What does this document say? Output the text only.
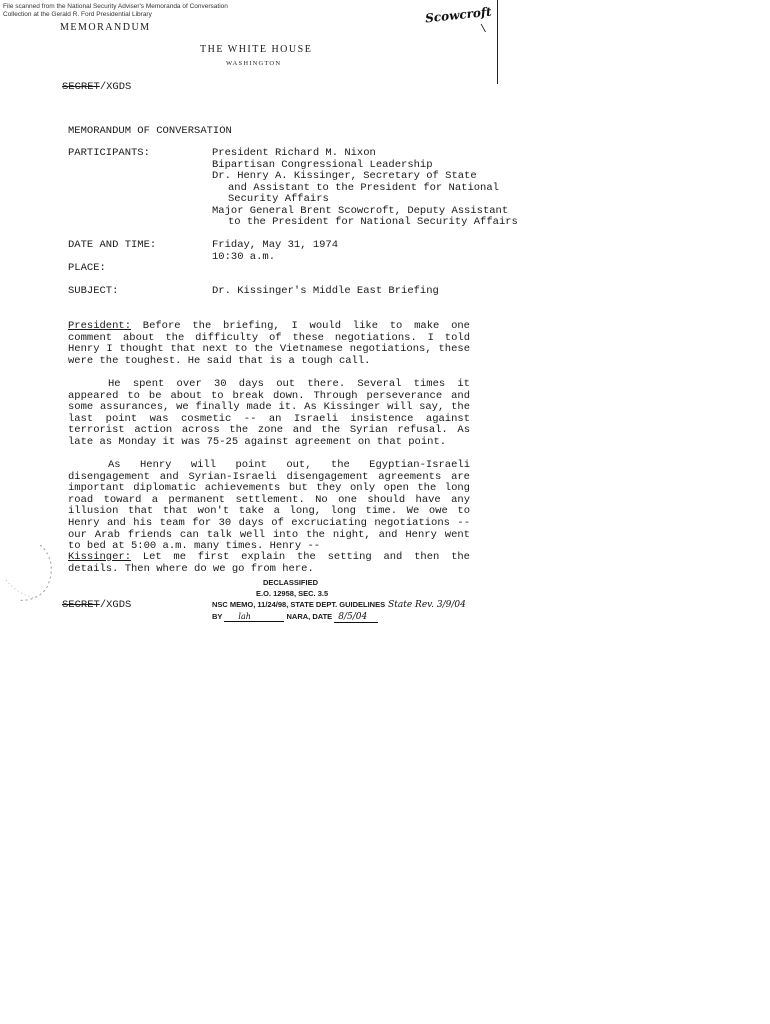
File scanned from the National Security Adviser's Memoranda of Conversation
Collection at the Gerald R. Ford Presidential Library
MEMORANDUM
Scowcroft
\
THE WHITE HOUSE
WASHINGTON
SECRET/XGDS
MEMORANDUM OF CONVERSATION
PARTICIPANTS:	President Richard M. Nixon
Bipartisan Congressional Leadership
Dr. Henry A. Kissinger, Secretary of State
and Assistant to the President for National
Security Affairs
Major General Brent Scowcroft, Deputy Assistant
to the President for National Security Affairs
DATE AND TIME:	Friday, May 31, 1974
10:30 a.m.
PLACE:
SUBJECT:	Dr. Kissinger's Middle East Briefing

President: Before the briefing, I would like to make one comment about the difficulty of these negotiations. I told Henry I thought that next to the Vietnamese negotiations, these were the toughest. He said that is a tough call.

He spent over 30 days out there. Several times it appeared to be about to break down. Through perseverance and some assurances, we finally made it. As Kissinger will say, the last point was cosmetic -- an Israeli insistence against terrorist action across the zone and the Syrian refusal. As late as Monday it was 75-25 against agreement on that point.

As Henry will point out, the Egyptian-Israeli disengagement and Syrian-Israeli disengagement agreements are important diplomatic achievements but they only open the long road toward a permanent settlement. No one should have any illusion that that won't take a long, long time. We owe to Henry and his team for 30 days of excruciating negotiations -- our Arab friends can talk well into the night, and Henry went to bed at 5:00 a.m. many times. Henry --

Kissinger: Let me first explain the setting and then the details. Then where do we go from here.

SECRET/XGDS
DECLASSIFIED
E.O. 12958, SEC. 3.5
NSC MEMO, 11/24/98, STATE DEPT. GUIDELINES State Rev. 3/9/04
BY lah	NARA, DATE 8/5/04
